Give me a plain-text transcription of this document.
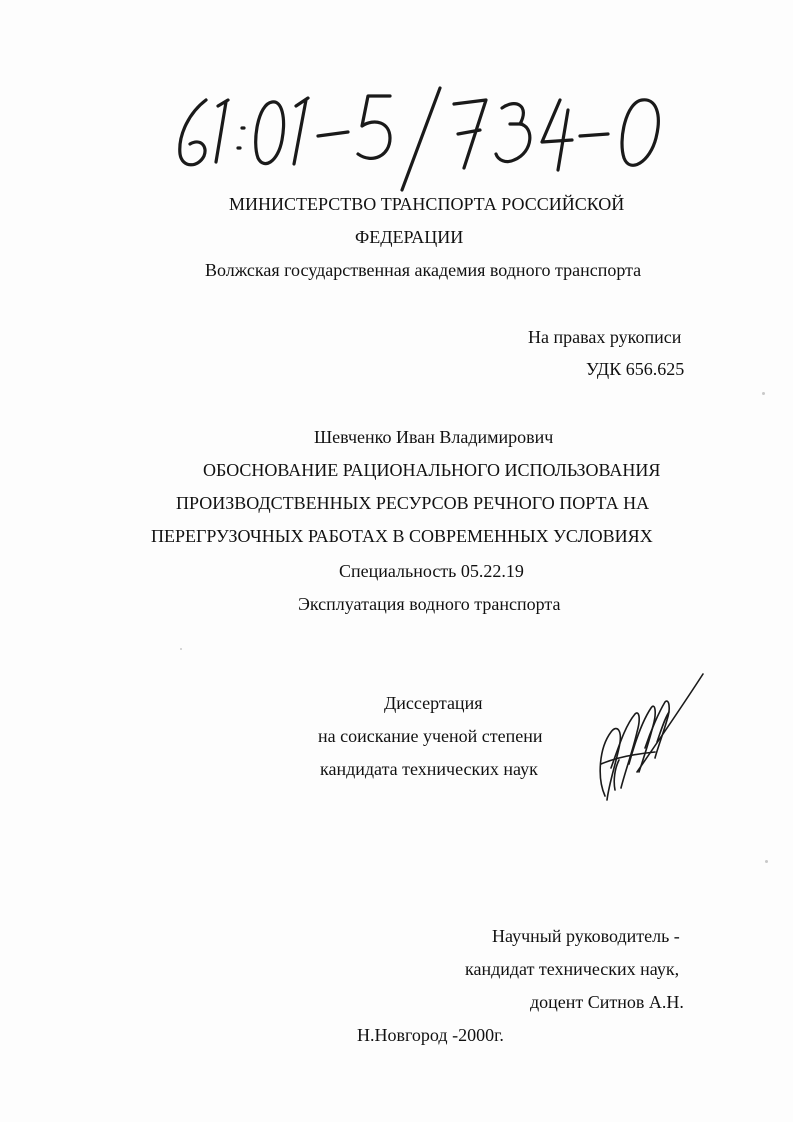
МИНИСТЕРСТВО ТРАНСПОРТА РОССИЙСКОЙ
ФЕДЕРАЦИИ
Волжская государственная академия водного транспорта
На правах рукописи
УДК 656.625
Шевченко Иван Владимирович
ОБОСНОВАНИЕ РАЦИОНАЛЬНОГО ИСПОЛЬЗОВАНИЯ
ПРОИЗВОДСТВЕННЫХ РЕСУРСОВ РЕЧНОГО ПОРТА НА
ПЕРЕГРУЗОЧНЫХ РАБОТАХ В СОВРЕМЕННЫХ УСЛОВИЯХ
Специальность 05.22.19
Эксплуатация водного транспорта
Диссертация
на соискание ученой степени
кандидата технических наук
Научный руководитель -
кандидат технических наук,
доцент Ситнов А.Н.
Н.Новгород -2000г.
